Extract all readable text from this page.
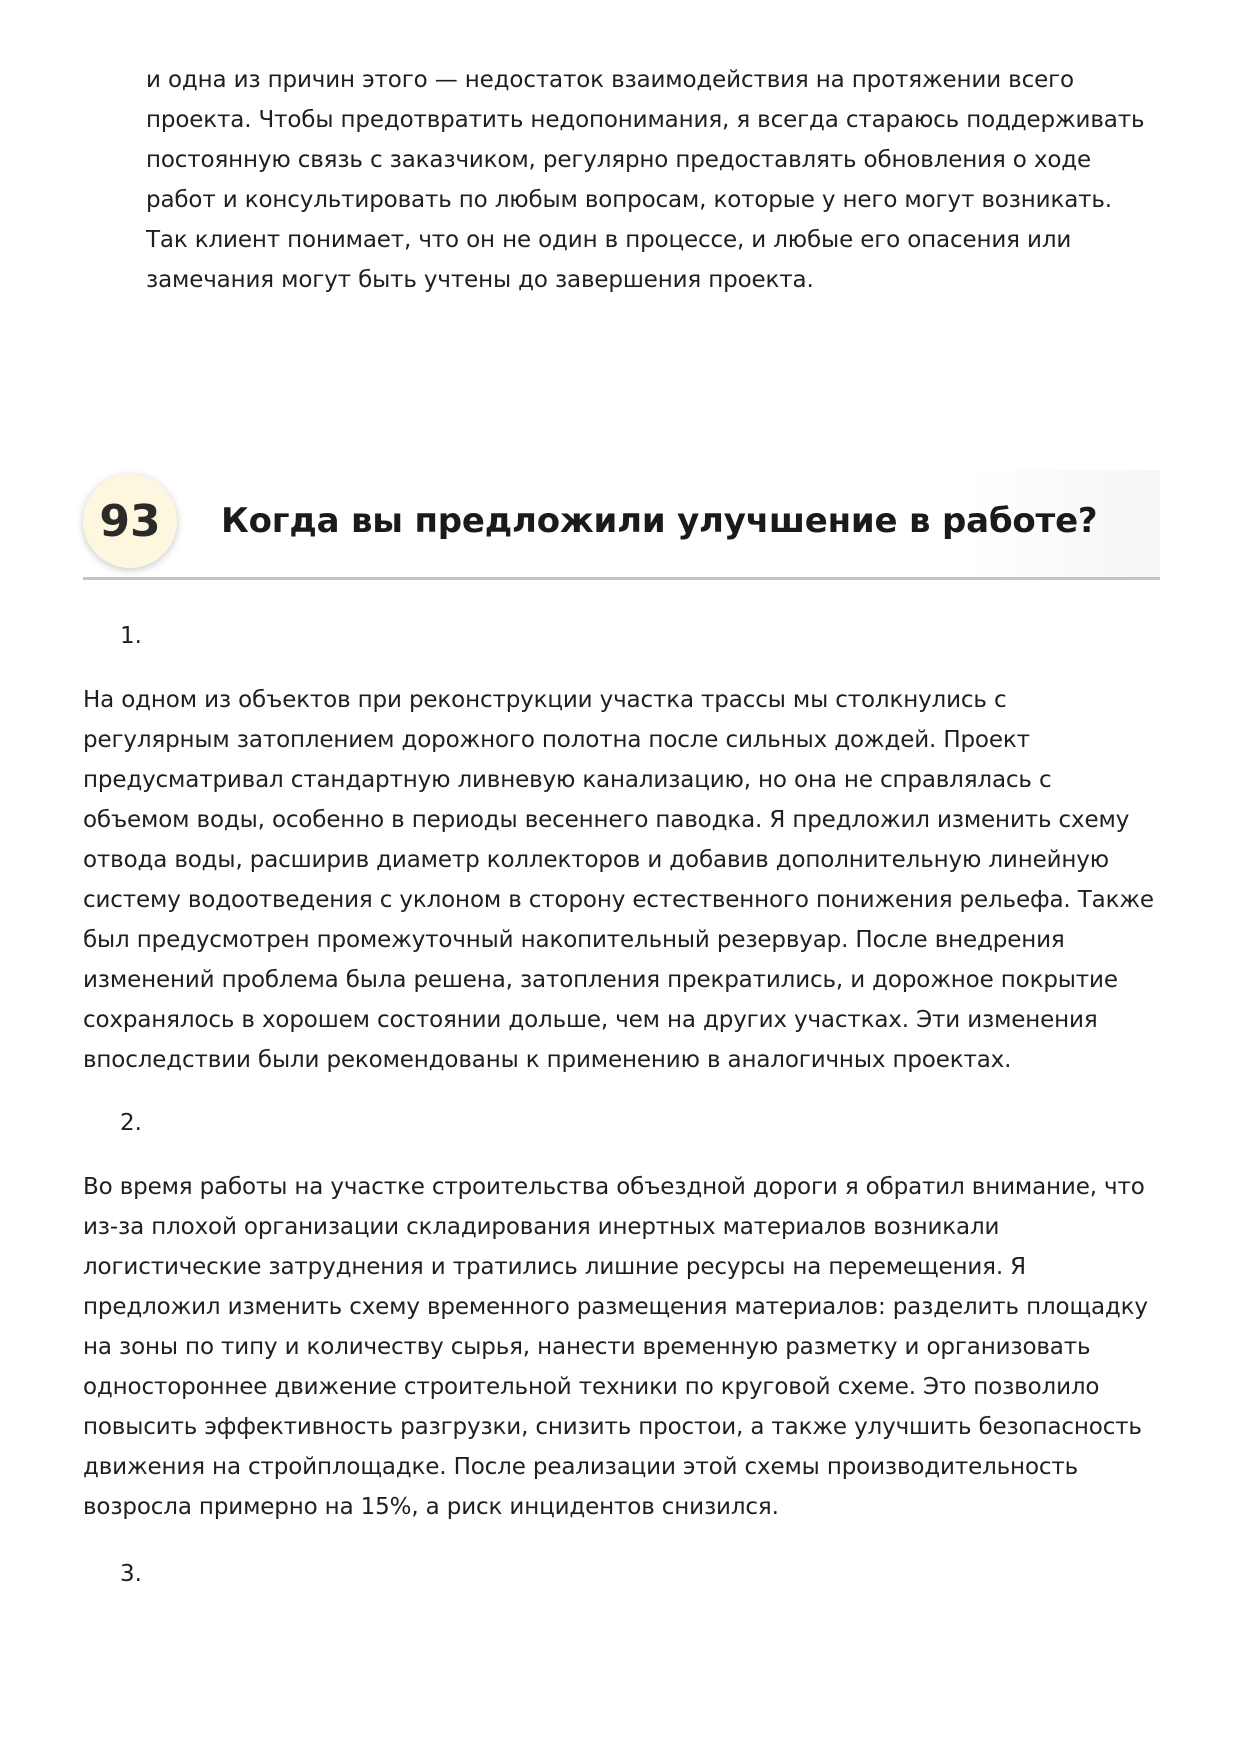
и одна из причин этого — недостаток взаимодействия на протяжении всего проекта. Чтобы предотвратить недопонимания, я всегда стараюсь поддерживать постоянную связь с заказчиком, регулярно предоставлять обновления о ходе работ и консультировать по любым вопросам, которые у него могут возникать. Так клиент понимает, что он не один в процессе, и любые его опасения или замечания могут быть учтены до завершения проекта.

93	Когда вы предложили улучшение в работе?
1.

На одном из объектов при реконструкции участка трассы мы столкнулись с регулярным затоплением дорожного полотна после сильных дождей. Проект предусматривал стандартную ливневую канализацию, но она не справлялась с объемом воды, особенно в периоды весеннего паводка. Я предложил изменить схему отвода воды, расширив диаметр коллекторов и добавив дополнительную линейную систему водоотведения с уклоном в сторону естественного понижения рельефа. Также был предусмотрен промежуточный накопительный резервуар. После внедрения изменений проблема была решена, затопления прекратились, и дорожное покрытие сохранялось в хорошем состоянии дольше, чем на других участках. Эти изменения впоследствии были рекомендованы к применению в аналогичных проектах.

2.

Во время работы на участке строительства объездной дороги я обратил внимание, что из-за плохой организации складирования инертных материалов возникали логистические затруднения и тратились лишние ресурсы на перемещения. Я предложил изменить схему временного размещения материалов: разделить площадку на зоны по типу и количеству сырья, нанести временную разметку и организовать одностороннее движение строительной техники по круговой схеме. Это позволило повысить эффективность разгрузки, снизить простои, а также улучшить безопасность движения на стройплощадке. После реализации этой схемы производительность возросла примерно на 15%, а риск инцидентов снизился.

3.
